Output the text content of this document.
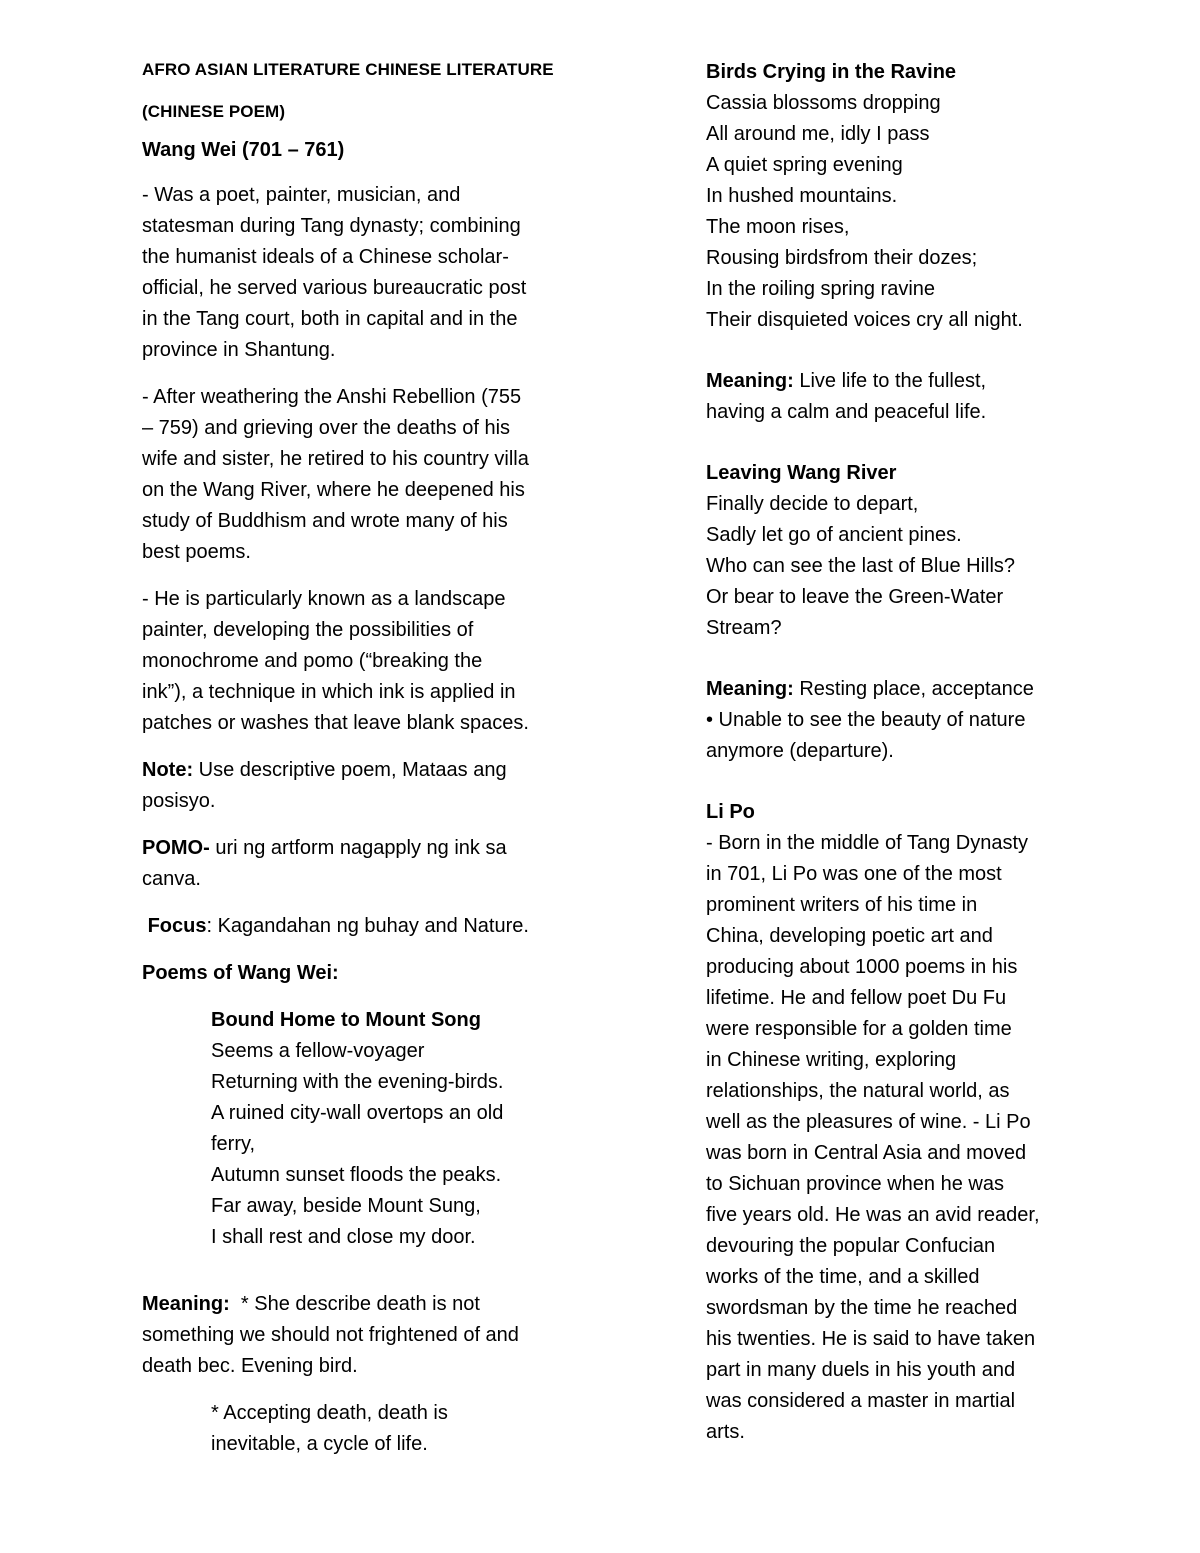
AFRO ASIAN LITERATURE CHINESE LITERATURE

(CHINESE POEM)

Wang Wei (701 – 761)

- Was a poet, painter, musician, and
statesman during Tang dynasty; combining
the humanist ideals of a Chinese scholar-
official, he served various bureaucratic post
in the Tang court, both in capital and in the
province in Shantung.

- After weathering the Anshi Rebellion (755
– 759) and grieving over the deaths of his
wife and sister, he retired to his country villa
on the Wang River, where he deepened his
study of Buddhism and wrote many of his
best poems.

- He is particularly known as a landscape
painter, developing the possibilities of
monochrome and pomo (“breaking the
ink”), a technique in which ink is applied in
patches or washes that leave blank spaces.

Note: Use descriptive poem, Mataas ang
posisyo.

POMO- uri ng artform nagapply ng ink sa
canva.

Focus: Kagandahan ng buhay and Nature.

Poems of Wang Wei:

Bound Home to Mount Song

Seems a fellow-voyager
Returning with the evening-birds.
A ruined city-wall overtops an old
ferry,
Autumn sunset floods the peaks.
Far away, beside Mount Sung,
I shall rest and close my door.

Meaning:  * She describe death is not
something we should not frightened of and
death bec. Evening bird.

* Accepting death, death is
inevitable, a cycle of life.

Birds Crying in the Ravine

Cassia blossoms dropping
All around me, idly I pass
A quiet spring evening
In hushed mountains.
The moon rises,
Rousing birdsfrom their dozes;
In the roiling spring ravine
Their disquieted voices cry all night.

Meaning: Live life to the fullest,
having a calm and peaceful life.

Leaving Wang River

Finally decide to depart,
Sadly let go of ancient pines.
Who can see the last of Blue Hills?
Or bear to leave the Green-Water
Stream?

Meaning: Resting place, acceptance
• Unable to see the beauty of nature
anymore (departure).

Li Po

- Born in the middle of Tang Dynasty
in 701, Li Po was one of the most
prominent writers of his time in
China, developing poetic art and
producing about 1000 poems in his
lifetime. He and fellow poet Du Fu
were responsible for a golden time
in Chinese writing, exploring
relationships, the natural world, as
well as the pleasures of wine. - Li Po
was born in Central Asia and moved
to Sichuan province when he was
five years old. He was an avid reader,
devouring the popular Confucian
works of the time, and a skilled
swordsman by the time he reached
his twenties. He is said to have taken
part in many duels in his youth and
was considered a master in martial
arts.
